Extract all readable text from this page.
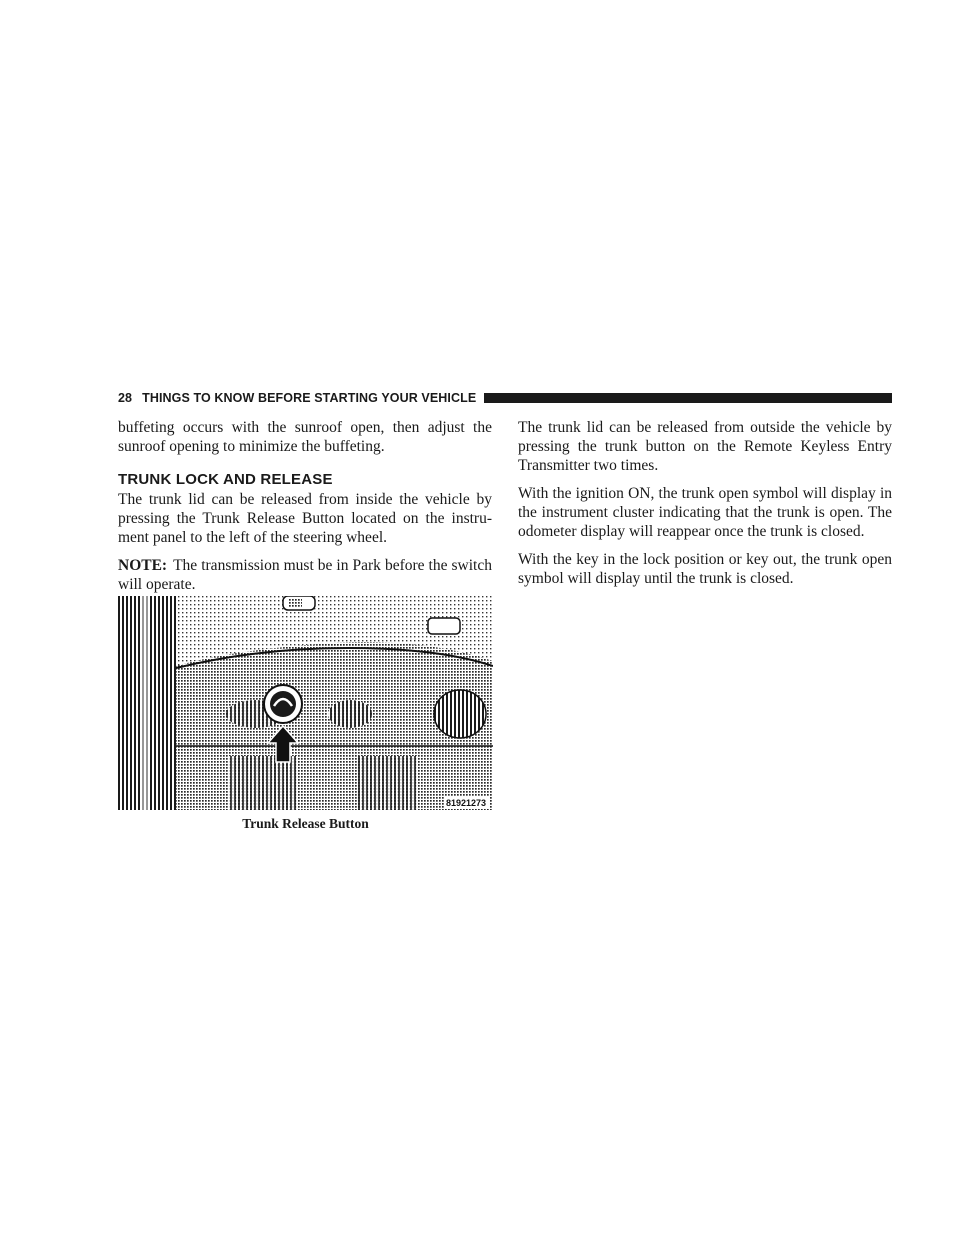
28 THINGS TO KNOW BEFORE STARTING YOUR VEHICLE

buffeting occurs with the sunroof open, then adjust the sunroof opening to minimize the buffeting.

TRUNK LOCK AND RELEASE

The trunk lid can be released from inside the vehicle by pressing the Trunk Release Button located on the instru-ment panel to the left of the steering wheel.

NOTE: The transmission must be in Park before the switch will operate.

81921273
Trunk Release Button

The trunk lid can be released from outside the vehicle by pressing the trunk button on the Remote Keyless Entry Transmitter two times.

With the ignition ON, the trunk open symbol will display in the instrument cluster indicating that the trunk is open. The odometer display will reappear once the trunk is closed.

With the key in the lock position or key out, the trunk open symbol will display until the trunk is closed.
